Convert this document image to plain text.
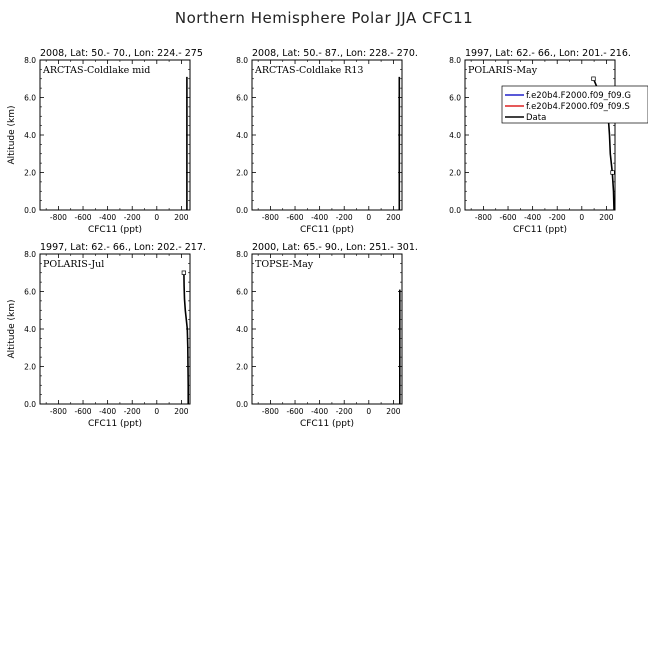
Northern Hemisphere Polar JJA CFC11
2008, Lat: 50.- 70., Lon: 224.- 275
ARCTAS-Coldlake mid
-800 -600 -400 -200 0 200
0.0
2.0
4.0
6.0
8.0
CFC11 (ppt)
Altitude (km)
2008, Lat: 50.- 87., Lon: 228.- 270.
ARCTAS-Coldlake R13
-800 -600 -400 -200 0 200
0.0
2.0
4.0
6.0
8.0
CFC11 (ppt)
1997, Lat: 62.- 66., Lon: 201.- 216.
POLARIS-May
-800 -600 -400 -200 0 200
0.0
2.0
4.0
6.0
8.0
CFC11 (ppt)
f.e20b4.F2000.f09_f09.G
f.e20b4.F2000.f09_f09.S
Data
1997, Lat: 62.- 66., Lon: 202.- 217.
POLARIS-Jul
-800 -600 -400 -200 0 200
0.0
2.0
4.0
6.0
8.0
CFC11 (ppt)
Altitude (km)
2000, Lat: 65.- 90., Lon: 251.- 301.
TOPSE-May
-800 -600 -400 -200 0 200
0.0
2.0
4.0
6.0
8.0
CFC11 (ppt)
